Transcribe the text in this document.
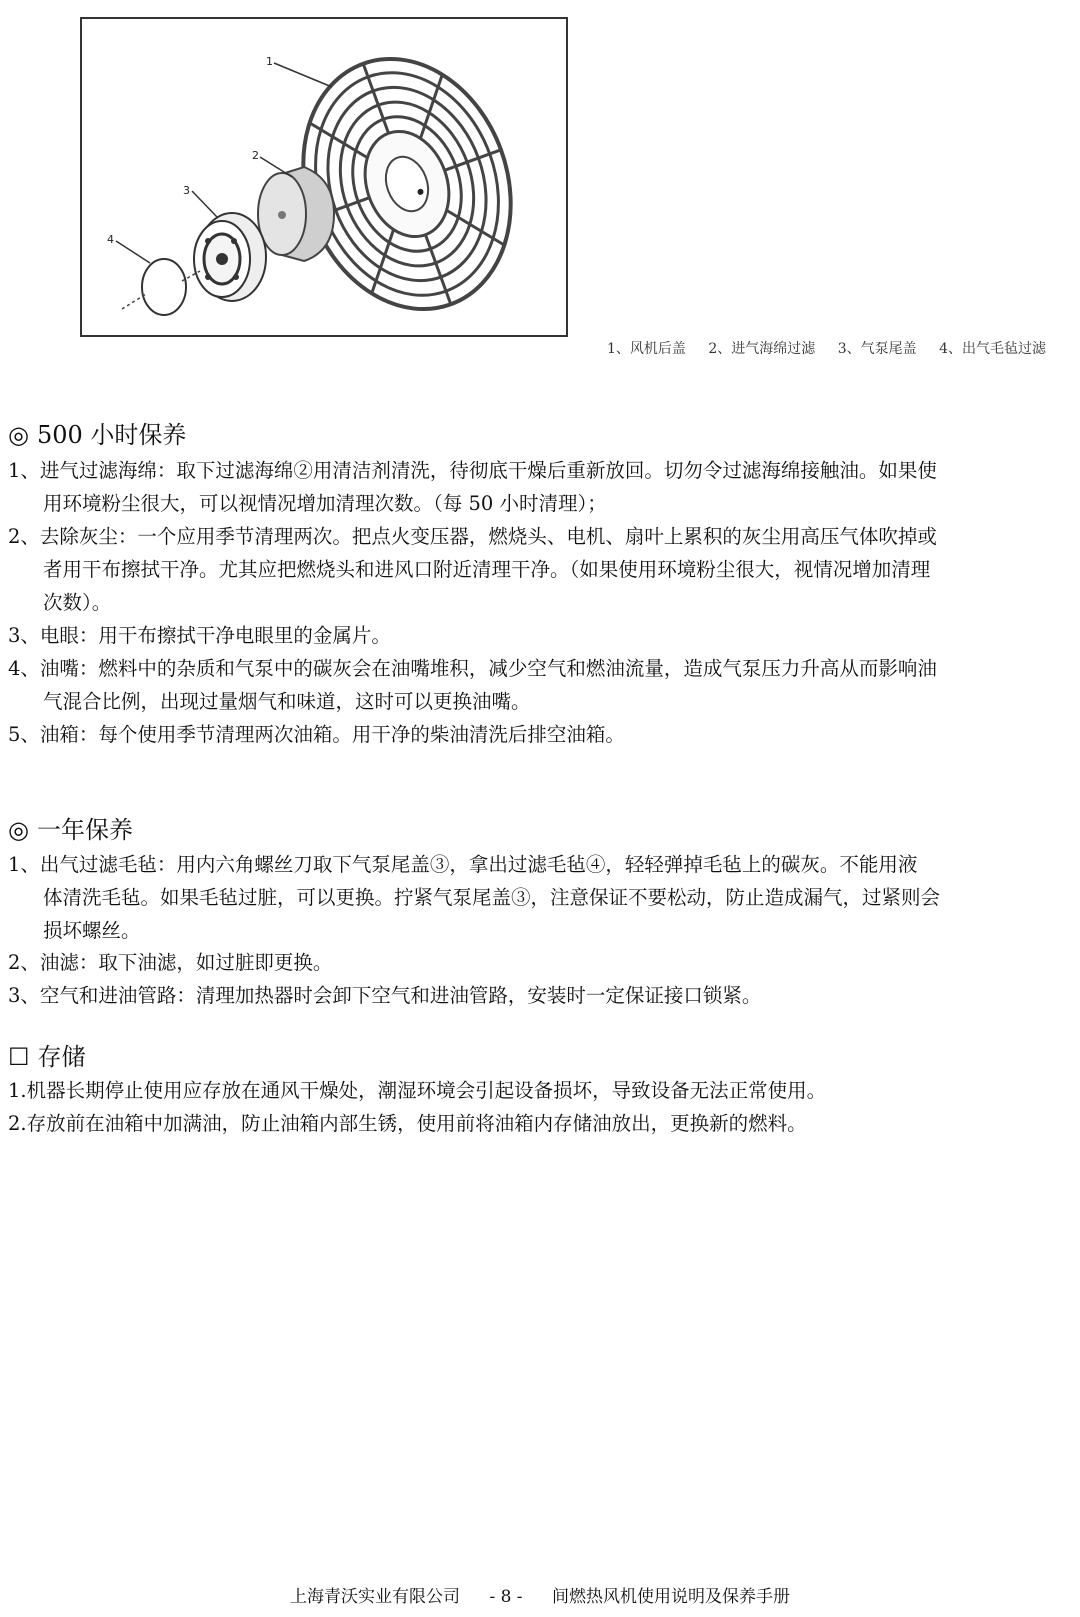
1
2
3
4
1、风机后盖 2、进气海绵过滤 3、气泵尾盖 4、出气毛毡过滤
◎ 500 小时保养

1、进气过滤海绵：取下过滤海绵②用清洁剂清洗，待彻底干燥后重新放回。切勿令过滤海绵接触油。如果使
用环境粉尘很大，可以视情况增加清理次数。（每 50 小时清理）；

2、去除灰尘：一个应用季节清理两次。把点火变压器，燃烧头、电机、扇叶上累积的灰尘用高压气体吹掉或
者用干布擦拭干净。尤其应把燃烧头和进风口附近清理干净。（如果使用环境粉尘很大，视情况增加清理
次数）。

3、电眼：用干布擦拭干净电眼里的金属片。

4、油嘴：燃料中的杂质和气泵中的碳灰会在油嘴堆积，减少空气和燃油流量，造成气泵压力升高从而影响油
气混合比例，出现过量烟气和味道，这时可以更换油嘴。

5、油箱：每个使用季节清理两次油箱。用干净的柴油清洗后排空油箱。

◎ 一年保养

1、出气过滤毛毡：用内六角螺丝刀取下气泵尾盖③，拿出过滤毛毡④，轻轻弹掉毛毡上的碳灰。不能用液
体清洗毛毡。如果毛毡过脏，可以更换。拧紧气泵尾盖③，注意保证不要松动，防止造成漏气，过紧则会
损坏螺丝。

2、油滤：取下油滤，如过脏即更换。

3、空气和进油管路：清理加热器时会卸下空气和进油管路，安装时一定保证接口锁紧。

☐ 存储

1.机器长期停止使用应存放在通风干燥处，潮湿环境会引起设备损坏，导致设备无法正常使用。

2.存放前在油箱中加满油，防止油箱内部生锈，使用前将油箱内存储油放出，更换新的燃料。

上海青沃实业有限公司 - 8 - 间燃热风机使用说明及保养手册
